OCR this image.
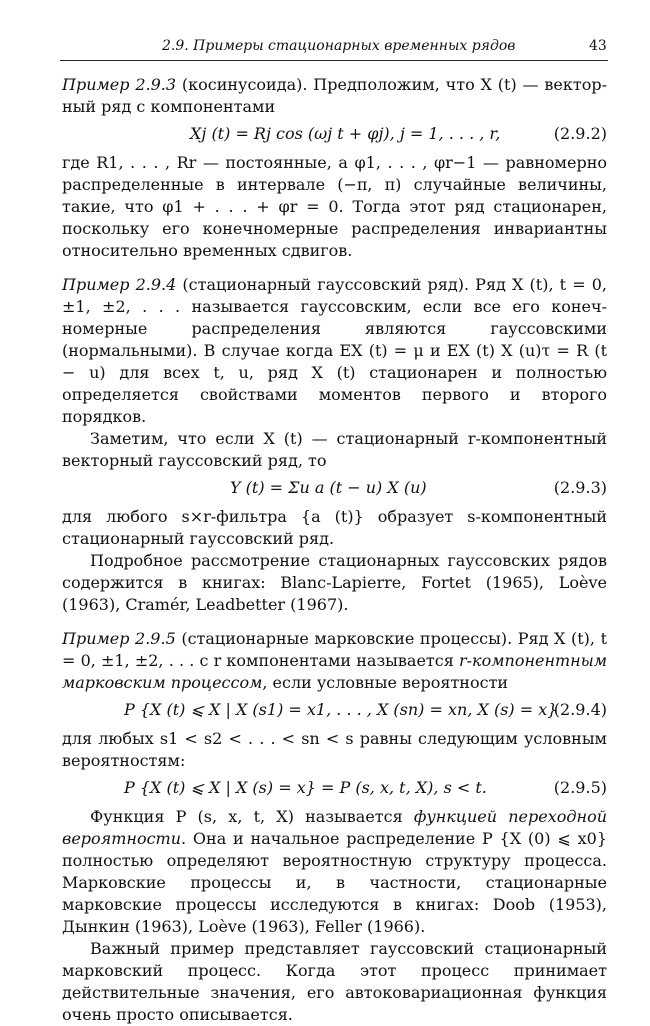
2.9. Примеры стационарных временных рядов	43

Пример 2.9.3 (косинусоида). Предположим, что X (t) — вектор- ный ряд с компонентами

Xj (t) = Rj cos (ωj t + φj), j = 1, . . . , r,	(2.9.2)

где R1, . . . , Rr — постоянные, а φ1, . . . , φr−1 — равномерно распределенные в интервале (−π, π) случайные величины, такие, что φ1 + . . . + φr = 0. Тогда этот ряд стационарен, поскольку его конечномерные распределения инвариантны относительно временных сдвигов.

Пример 2.9.4 (стационарный гауссовский ряд). Ряд X (t), t = 0, ±1, ±2, . . . называется гауссовским, если все его конечномерные распределения являются гауссовскими (нормальными). В случае когда EX (t) = μ и EX (t) X (u)τ = R (t − u) для всех t, u, ряд X (t) стационарен и полностью определяется свойствами моментов первого и второго порядков.

Заметим, что если X (t) — стационарный r-компонентный векторный гауссовский ряд, то

Y (t) = Σu a (t − u) X (u)	(2.9.3)

для любого s×r-фильтра {a (t)} образует s-компонентный стационарный гауссовский ряд.

Подробное рассмотрение стационарных гауссовских рядов содержится в книгах: Blanc-Lapierre, Fortet (1965), Loève (1963), Cramér, Leadbetter (1967).

Пример 2.9.5 (стационарные марковские процессы). Ряд X (t), t = 0, ±1, ±2, . . . с r компонентами называется r-компонентным марковским процессом, если условные вероятности

P {X (t) ⩽ X | X (s1) = x1, . . . , X (sn) = xn, X (s) = x}
(2.9.4)

для любых s1 < s2 < . . . < sn < s равны следующим условным вероятностям:

P {X (t) ⩽ X | X (s) = x} = P (s, x, t, X), s < t.	(2.9.5)

Функция P (s, x, t, X) называется функцией переходной вероятности. Она и начальное распределение P {X (0) ⩽ x0} полностью определяют вероятностную структуру процесса. Марковские процессы и, в частности, стационарные марковские процессы исследуются в книгах: Doob (1953), Дынкин (1963), Loève (1963), Feller (1966).

Важный пример представляет гауссовский стационарный марковский процесс. Когда этот процесс принимает действительные значения, его автоковариационная функция очень просто описывается.
